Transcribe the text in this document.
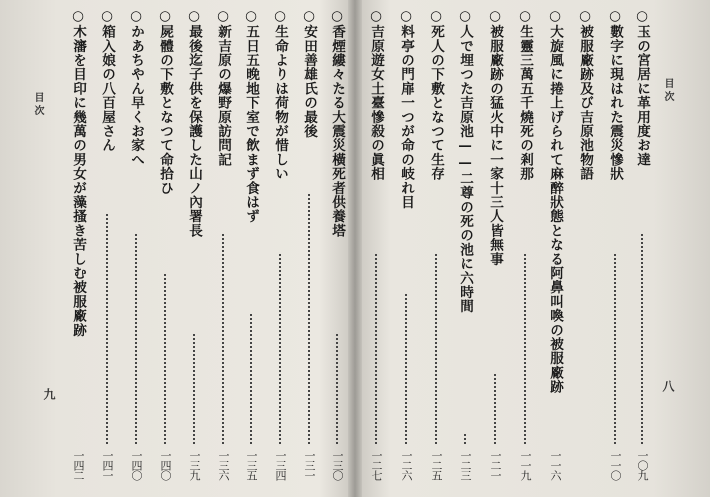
目次
八
○玉の宮居に革用度お達
一〇九
○數字に現はれた震災慘狀
一一〇
○被服廠跡及び吉原池物語
○大旋風に捲上げられて麻醉狀態となる阿鼻叫喚の被服廠跡
一一六
○生靈三萬五千燒死の剎那
一一九
○被服廠跡の猛火中に一家十三人皆無事
一二一
○人で埋つた吉原池——二尊の死の池に六時間
一二三
○死人の下敷となつて生存
一二五
○料亭の門扉一つが命の岐れ目
一二六
○吉原遊女土臺慘殺の眞相
一二七
目次
九
○香煙縷々たる大震災橫死者供養塔
一三〇
○安田善雄氏の最後
一三一
○生命よりは荷物が惜しい
一三四
○五日五晚地下室で飲まず食はず
一三五
○新吉原の爆野原訪問記
一三六
○最後迄子供を保護した山ノ內署長
一三九
○屍體の下敷となつて命拾ひ
一四〇
○かあちやん早くお家へ
一四〇
○箱入娘の八百屋さん
一四一
○木瀋を目印に幾萬の男女が藻搔き苦しむ被服廠跡
一四二
